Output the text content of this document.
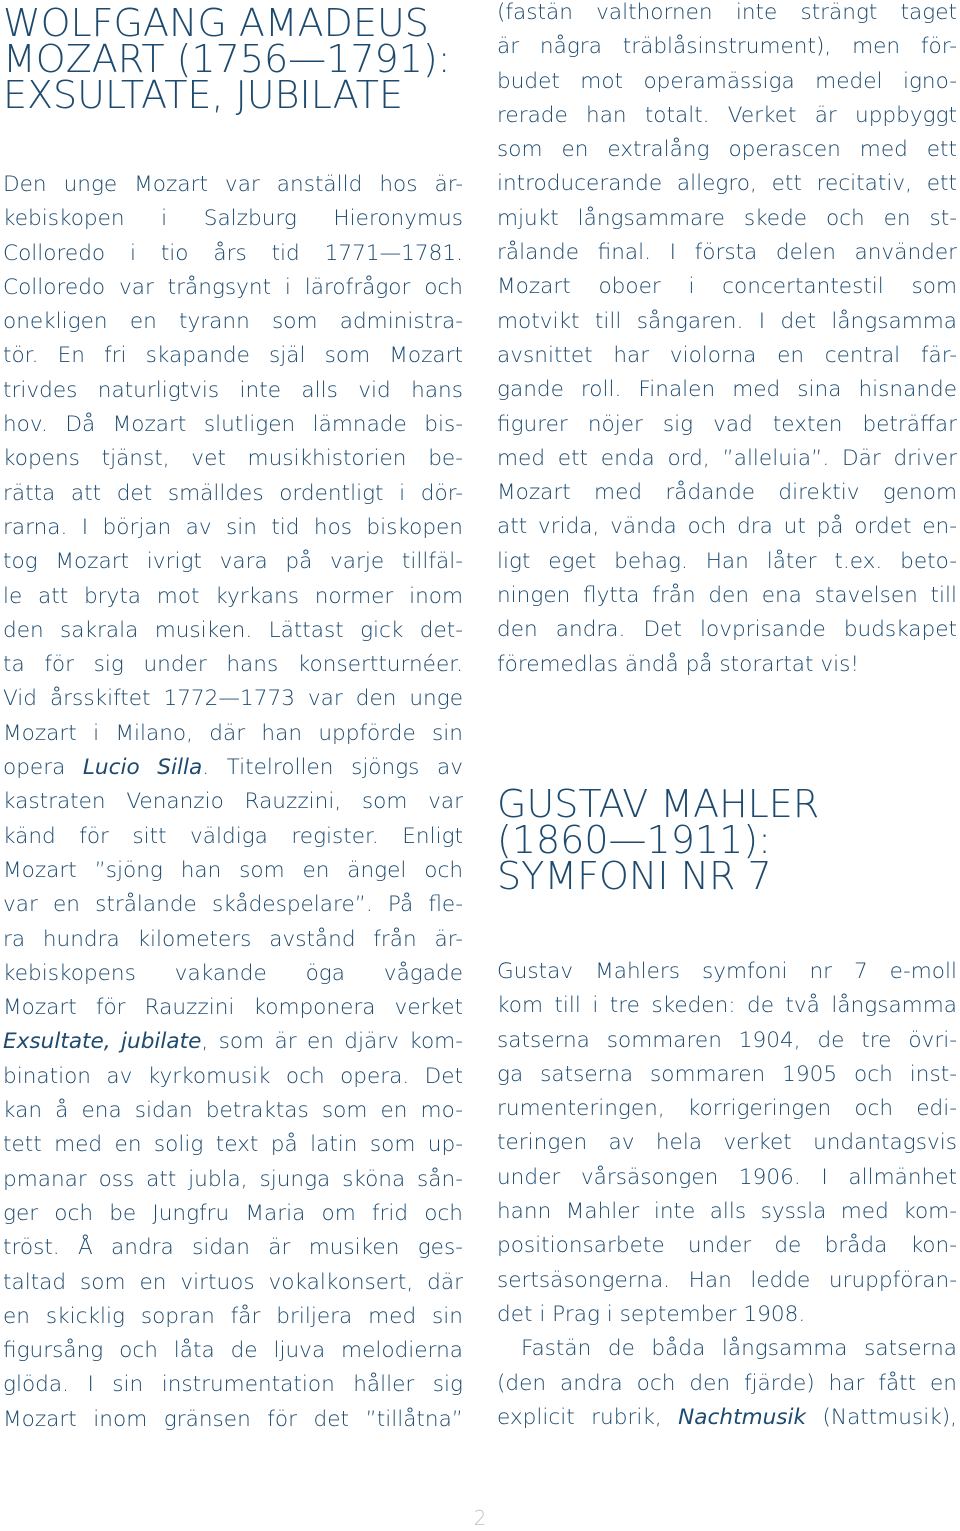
WOLFGANG AMADEUS
MOZART (1756—1791):
EXSULTATE, JUBILATE
Den unge Mozart var anställd hos är-
kebiskopen i Salzburg Hieronymus
Colloredo i tio års tid 1771—1781.
Colloredo var trångsynt i lärofrågor och
onekligen en tyrann som administra-
tör. En fri skapande själ som Mozart
trivdes naturligtvis inte alls vid hans
hov. Då Mozart slutligen lämnade bis-
kopens tjänst, vet musikhistorien be-
rätta att det smälldes ordentligt i dör-
rarna. I början av sin tid hos biskopen
tog Mozart ivrigt vara på varje tillfäl-
le att bryta mot kyrkans normer inom
den sakrala musiken. Lättast gick det-
ta för sig under hans konsertturnéer.
Vid årsskiftet 1772—1773 var den unge
Mozart i Milano, där han uppförde sin
opera Lucio Silla. Titelrollen sjöngs av
kastraten Venanzio Rauzzini, som var
känd för sitt väldiga register. Enligt
Mozart ”sjöng han som en ängel och
var en strålande skådespelare”. På fle-
ra hundra kilometers avstånd från är-
kebiskopens vakande öga vågade
Mozart för Rauzzini komponera verket
Exsultate, jubilate, som är en djärv kom-
bination av kyrkomusik och opera. Det
kan å ena sidan betraktas som en mo-
tett med en solig text på latin som up-
pmanar oss att jubla, sjunga sköna sån-
ger och be Jungfru Maria om frid och
tröst. Å andra sidan är musiken ges-
taltad som en virtuos vokalkonsert, där
en skicklig sopran får briljera med sin
figursång och låta de ljuva melodierna
glöda. I sin instrumentation håller sig
Mozart inom gränsen för det ”tillåtna”
(fastän valthornen inte strängt taget
är några träblåsinstrument), men för-
budet mot operamässiga medel igno-
rerade han totalt. Verket är uppbyggt
som en extralång operascen med ett
introducerande allegro, ett recitativ, ett
mjukt långsammare skede och en st-
rålande final. I första delen använder
Mozart oboer i concertantestil som
motvikt till sångaren. I det långsamma
avsnittet har violorna en central fär-
gande roll. Finalen med sina hisnande
figurer nöjer sig vad texten beträffar
med ett enda ord, ”alleluia”. Där driver
Mozart med rådande direktiv genom
att vrida, vända och dra ut på ordet en-
ligt eget behag. Han låter t.ex. beto-
ningen flytta från den ena stavelsen till
den andra. Det lovprisande budskapet
föremedlas ändå på storartat vis!
GUSTAV MAHLER
(1860—1911):
SYMFONI NR 7
Gustav Mahlers symfoni nr 7 e-moll
kom till i tre skeden: de två långsamma
satserna sommaren 1904, de tre övri-
ga satserna sommaren 1905 och inst-
rumenteringen, korrigeringen och edi-
teringen av hela verket undantagsvis
under vårsäsongen 1906. I allmänhet
hann Mahler inte alls syssla med kom-
positionsarbete under de bråda kon-
sertsäsongerna. Han ledde uruppföran-
det i Prag i september 1908.
Fastän de båda långsamma satserna
(den andra och den fjärde) har fått en
explicit rubrik, Nachtmusik (Nattmusik),
2
